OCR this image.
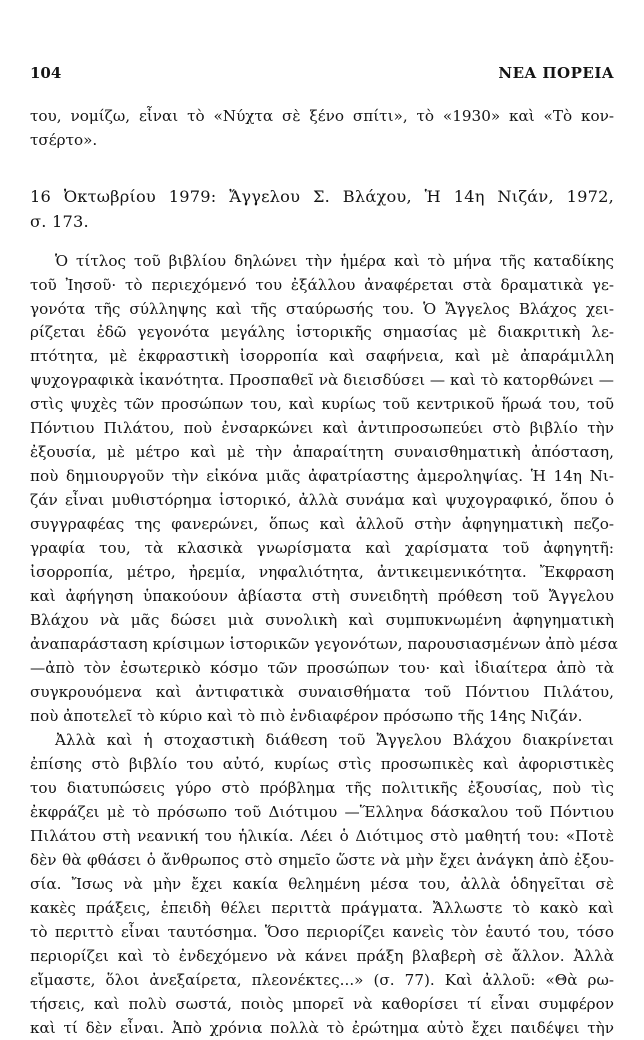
104	ΝΕΑ ΠΟΡΕΙΑ
του, νομίζω, εἶναι τὸ «Νύχτα σὲ ξένο σπίτι», τὸ «1930» καὶ «Τὸ κον-
τσέρτο».
16 Ὀκτωβρίου 1979: Ἄγγελου Σ. Βλάχου, Ἡ 14η Νιζάν, 1972,
σ. 173.
Ὁ τίτλος τοῦ βιβλίου δηλώνει τὴν ἡμέρα καὶ τὸ μήνα τῆς καταδίκης
τοῦ Ἰησοῦ· τὸ περιεχόμενό του ἐξάλλου ἀναφέρεται στὰ δραματικὰ γε-
γονότα τῆς σύλληψης καὶ τῆς σταύρωσής του. Ὁ Ἄγγελος Βλάχος χει-
ρίζεται ἐδῶ γεγονότα μεγάλης ἱστορικῆς σημασίας μὲ διακριτικὴ λε-
πτότητα, μὲ ἐκφραστικὴ ἰσορροπία καὶ σαφήνεια, καὶ μὲ ἀπαράμιλλη
ψυχογραφικὰ ἱκανότητα. Προσπαθεῖ νὰ διεισδύσει — καὶ τὸ κατορθώνει —
στὶς ψυχὲς τῶν προσώπων του, καὶ κυρίως τοῦ κεντρικοῦ ἥρωά του, τοῦ
Πόντιου Πιλάτου, ποὺ ἐνσαρκώνει καὶ ἀντιπροσωπεύει στὸ βιβλίο τὴν
ἐξουσία, μὲ μέτρο καὶ μὲ τὴν ἀπαραίτητη συναισθηματικὴ ἀπόσταση,
ποὺ δημιουργοῦν τὴν εἰκόνα μιᾶς ἀφατρίαστης ἀμεροληψίας. Ἡ 14η Νι-
ζάν εἶναι μυθιστόρημα ἱστορικό, ἀλλὰ συνάμα καὶ ψυχογραφικό, ὅπου ὁ
συγγραφέας της φανερώνει, ὅπως καὶ ἀλλοῦ στὴν ἀφηγηματικὴ πεζο-
γραφία του, τὰ κλασικὰ γνωρίσματα καὶ χαρίσματα τοῦ ἀφηγητῆ:
ἰσορροπία, μέτρο, ἠρεμία, νηφαλιότητα, ἀντικειμενικότητα. Ἔκφραση
καὶ ἀφήγηση ὑπακούουν ἀβίαστα στὴ συνειδητὴ πρόθεση τοῦ Ἄγγελου
Βλάχου νὰ μᾶς δώσει μιὰ συνολικὴ καὶ συμπυκνωμένη ἀφηγηματικὴ
ἀναπαράσταση κρίσιμων ἱστορικῶν γεγονότων, παρουσιασμένων ἀπὸ μέσα
—ἀπὸ τὸν ἐσωτερικὸ κόσμο τῶν προσώπων του· καὶ ἰδιαίτερα ἀπὸ τὰ
συγκρουόμενα καὶ ἀντιφατικὰ συναισθήματα τοῦ Πόντιου Πιλάτου,
ποὺ ἀποτελεῖ τὸ κύριο καὶ τὸ πιὸ ἐνδιαφέρον πρόσωπο τῆς 14ης Νιζάν.
Ἀλλὰ καὶ ἡ στοχαστικὴ διάθεση τοῦ Ἄγγελου Βλάχου διακρίνεται
ἐπίσης στὸ βιβλίο του αὐτό, κυρίως στὶς προσωπικὲς καὶ ἀφοριστικὲς
του διατυπώσεις γύρο στὸ πρόβλημα τῆς πολιτικῆς ἐξουσίας, ποὺ τὶς
ἐκφράζει μὲ τὸ πρόσωπο τοῦ Διότιμου —Ἕλληνα δάσκαλου τοῦ Πόντιου
Πιλάτου στὴ νεανική του ἡλικία. Λέει ὁ Διότιμος στὸ μαθητή του: «Ποτὲ
δὲν θὰ φθάσει ὁ ἄνθρωπος στὸ σημεῖο ὥστε νὰ μὴν ἔχει ἀνάγκη ἀπὸ ἐξου-
σία. Ἴσως νὰ μὴν ἔχει κακία θελημένη μέσα του, ἀλλὰ ὁδηγεῖται σὲ
κακὲς πράξεις, ἐπειδὴ θέλει περιττὰ πράγματα. Ἄλλωστε τὸ κακὸ καὶ
τὸ περιττὸ εἶναι ταυτόσημα. Ὅσο περιορίζει κανεὶς τὸν ἑαυτό του, τόσο
περιορίζει καὶ τὸ ἐνδεχόμενο νὰ κάνει πράξη βλαβερὴ σὲ ἄλλον. Ἀλλὰ
εἴμαστε, ὅλοι ἀνεξαίρετα, πλεονέκτες...» (σ. 77). Καὶ ἀλλοῦ: «Θὰ ρω-
τήσεις, καὶ πολὺ σωστά, ποιὸς μπορεῖ νὰ καθορίσει τί εἶναι συμφέρον
καὶ τί δὲν εἶναι. Ἀπὸ χρόνια πολλὰ τὸ ἐρώτημα αὐτὸ ἔχει παιδέψει τὴν
